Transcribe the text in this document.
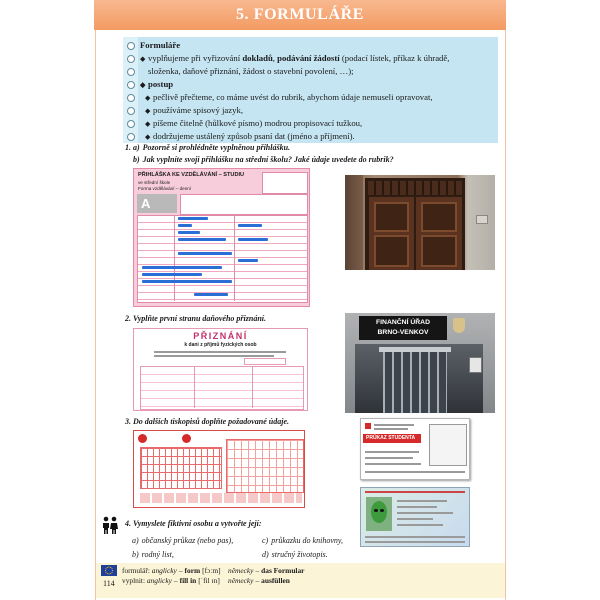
5. FORMULÁŘE
Formuláře
◆ vyplňujeme při vyřizování dokladů, podávání žádostí (podací lístek, příkaz k úhradě,
složenka, daňové přiznání, žádost o stavební povolení, …);
◆ postup
◆ pečlivě přečteme, co máme uvést do rubrik, abychom údaje nemuseli opravovat,
◆ používáme spisový jazyk,
◆ píšeme čitelně (hůlkové písmo) modrou propisovací tužkou,
◆ dodržujeme ustálený způsob psaní dat (jméno a příjmení).
1. a) Pozorně si prohlédněte vyplněnou přihlášku.
b) Jak vyplníte svoji přihlášku na střední školu? Jaké údaje uvedete do rubrik?
PŘIHLÁŠKA KE VZDĚLÁVÁNÍ – STUDIU
ve střední škole
Forma vzdělávání – denní
A
2. Vyplňte první stranu daňového přiznání.
PŘIZNÁNÍ
k dani z příjmů fyzických osob
FINANČNÍ ÚŘAD
BRNO-VENKOV
3. Do dalších tiskopisů doplňte požadované údaje.
PRŮKAZ STUDENTA
4. Vymyslete fiktivní osobu a vytvořte její:
a) občanský průkaz (nebo pas),	c) průkazku do knihovny,
b) rodný list,	d) stručný životopis.
114
formulář: anglicky – form [fɔːm] německy – das Formular
vyplnit: anglicky – fill in [ˈfil ɪn] německy – ausfüllen
